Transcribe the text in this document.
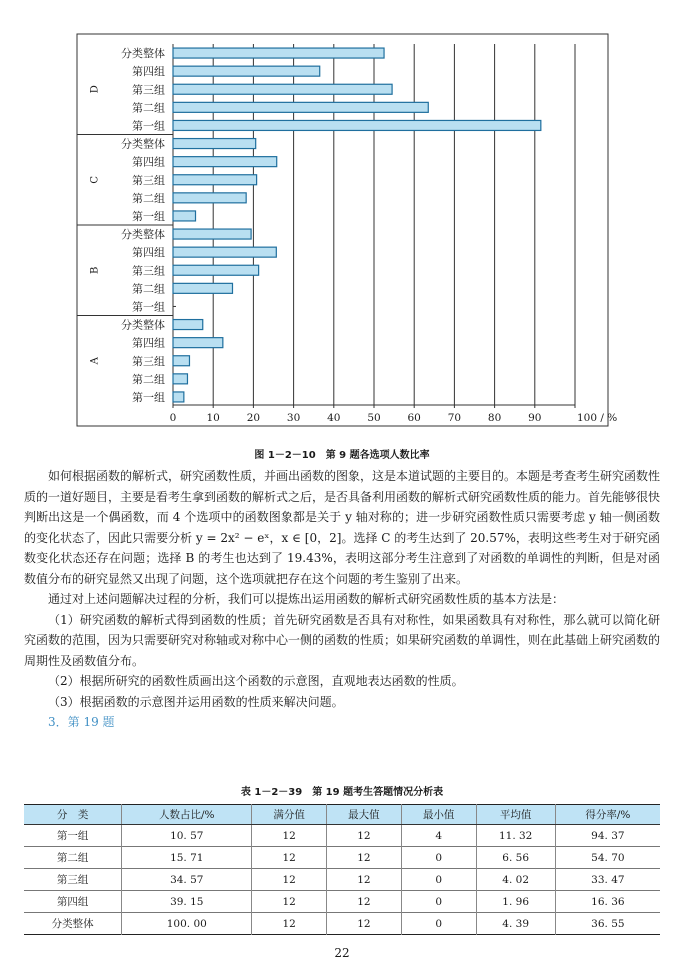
D
分类整体
第四组
第三组
第二组
第一组
C
分类整体
第四组
第三组
第二组
第一组
B
分类整体
第四组
第三组
第二组
第一组
A
分类整体
第四组
第三组
第二组
第一组
0	10	20	30	40	50	60	70	80	90	100 / %
图 1－2－10　第 9 题各选项人数比率

如何根据函数的解析式，研究函数性质，并画出函数的图象，这是本道试题的主要目的。本题是考查考生研究函数性质的一道好题目，主要是看考生拿到函数的解析式之后，是否具备利用函数的解析式研究函数性质的能力。首先能够很快判断出这是一个偶函数，而 4 个选项中的函数图象都是关于 y 轴对称的；进一步研究函数性质只需要考虑 y 轴一侧函数的变化状态了，因此只需要分析 y = 2x² − eˣ，x ∈ [0，2]。选择 C 的考生达到了 20.57%，表明这些考生对于研究函数变化状态还存在问题；选择 B 的考生也达到了 19.43%，表明这部分考生注意到了对函数的单调性的判断，但是对函数值分布的研究显然又出现了问题，这个选项就把存在这个问题的考生鉴别了出来。

通过对上述问题解决过程的分析，我们可以提炼出运用函数的解析式研究函数性质的基本方法是：

（1）研究函数的解析式得到函数的性质；首先研究函数是否具有对称性，如果函数具有对称性，那么就可以简化研究函数的范围，因为只需要研究对称轴或对称中心一侧的函数的性质；如果研究函数的单调性，则在此基础上研究函数的周期性及函数值分布。

（2）根据所研究的函数性质画出这个函数的示意图，直观地表达函数的性质。

（3）根据函数的示意图并运用函数的性质来解决问题。

3．第 19 题

表 1－2－39　第 19 题考生答题情况分析表
分　类	人数占比/%	满分值	最大值	最小值	平均值	得分率/%
第一组	10. 57	12	12	4	11. 32	94. 37
第二组	15. 71	12	12	0	6. 56	54. 70
第三组	34. 57	12	12	0	4. 02	33. 47
第四组	39. 15	12	12	0	1. 96	16. 36
分类整体	100. 00	12	12	0	4. 39	36. 55
22
